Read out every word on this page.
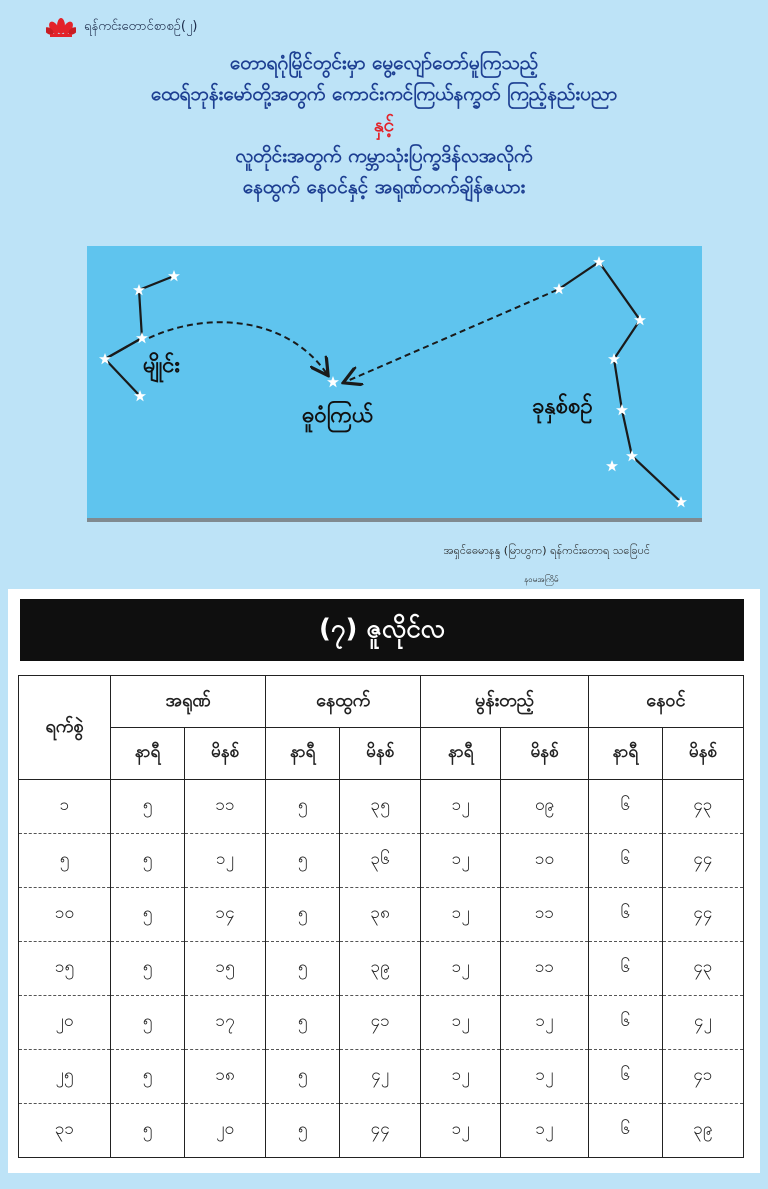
ရန်ကင်းတောင်စာစဉ်(၂)
တောရဂုံမြိုင်တွင်းမှာ မွေ့လျော်တော်မူကြသည့်
ထေရ်ဘုန်းမော်တို့အတွက် ကောင်းကင်ကြယ်နက္ခတ် ကြည့်နည်းပညာ
နှင့်
လူတိုင်းအတွက် ကမ္ဘာသုံးပြက္ခဒိန်လအလိုက်
နေထွက် နေဝင်နှင့် အရုဏ်တက်ချိန်ဇယား
မျိုင်း
ဓူဝံကြယ်	ခုနှစ်စဉ်
အရှင်ဓေမာနန္ဒ (မြာဟွက) ရန်ကင်းတောရ သခြေပင်
နဝမအကြိမ်
(၇) ဇူလိုင်လ
ရက်စွဲ	အရုဏ်		နေထွက်		မွန်းတည့်		နေဝင်	
	နာရီ	မိနစ်	နာရီ	မိနစ်	နာရီ	မိနစ်	နာရီ	မိနစ်
၁	၅	၁၁	၅	၃၅	၁၂	၀၉	၆	၄၃
၅	၅	၁၂	၅	၃၆	၁၂	၁၀	၆	၄၄
၁၀	၅	၁၄	၅	၃၈	၁၂	၁၁	၆	၄၄
၁၅	၅	၁၅	၅	၃၉	၁၂	၁၁	၆	၄၃
၂၀	၅	၁၇	၅	၄၁	၁၂	၁၂	၆	၄၂
၂၅	၅	၁၈	၅	၄၂	၁၂	၁၂	၆	၄၁
၃၁	၅	၂၀	၅	၄၄	၁၂	၁၂	၆	၃၉
